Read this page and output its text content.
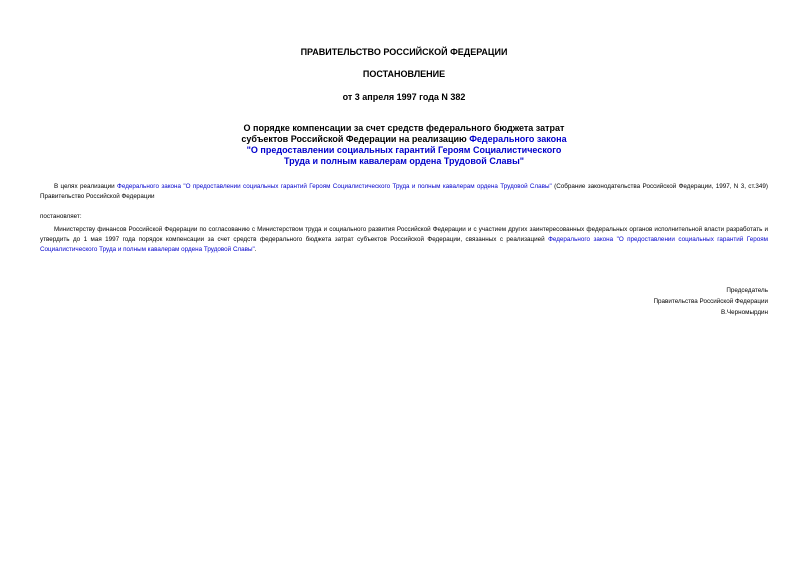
ПРАВИТЕЛЬСТВО РОССИЙСКОЙ ФЕДЕРАЦИИ
ПОСТАНОВЛЕНИЕ
от 3 апреля 1997 года N 382
О порядке компенсации за счет средств федерального бюджета затрат
субъектов Российской Федерации на реализацию Федерального закона
"О предоставлении социальных гарантий Героям Социалистического
Труда и полным кавалерам ордена Трудовой Славы"
В целях реализации Федерального закона "О предоставлении социальных гарантий Героям Социалистического Труда и полным кавалерам ордена Трудовой Славы" (Собрание законодательства Российской Федерации, 1997, N 3, ст.349) Правительство Российской Федерации
постановляет:
Министерству финансов Российской Федерации по согласованию с Министерством труда и социального развития Российской Федерации и с участием других заинтересованных федеральных органов исполнительной власти разработать и утвердить до 1 мая 1997 года порядок компенсации за счет средств федерального бюджета затрат субъектов Российской Федерации, связанных с реализацией Федерального закона "О предоставлении социальных гарантий Героям Социалистического Труда и полным кавалерам ордена Трудовой Славы".
Председатель
Правительства Российской Федерации
В.Черномырдин
